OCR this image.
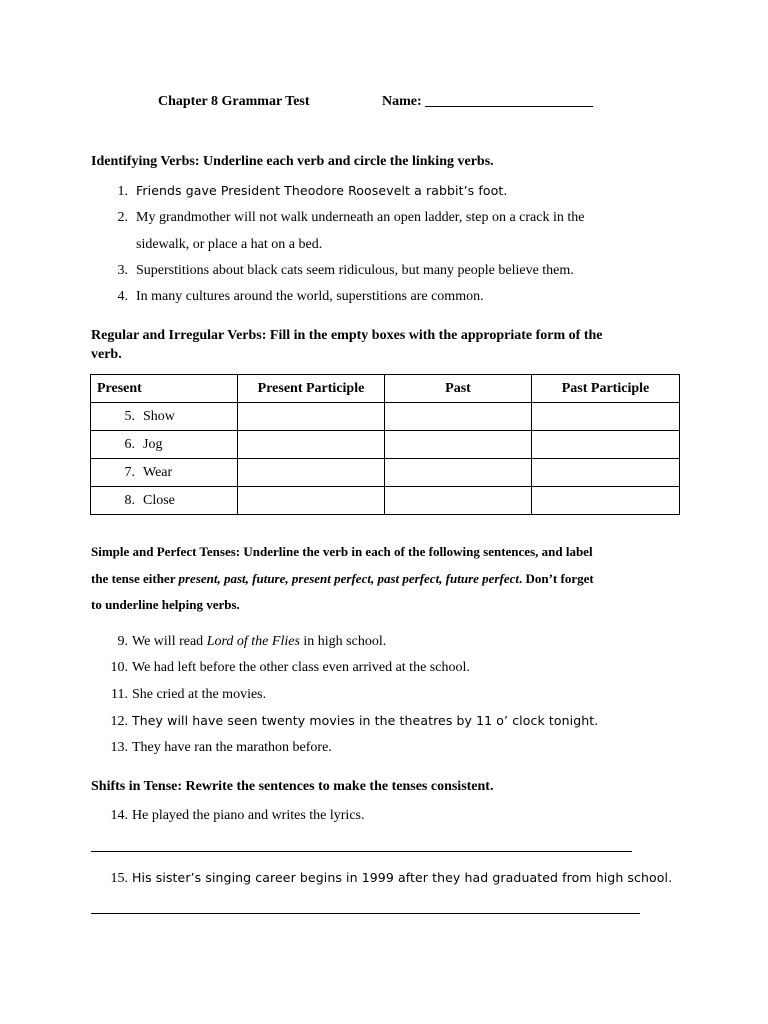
Chapter 8 Grammar Test	Name: ________________________
Identifying Verbs: Underline each verb and circle the linking verbs.
1. Friends gave President Theodore Roosevelt a rabbit’s foot.
2. My grandmother will not walk underneath an open ladder, step on a crack in the
sidewalk, or place a hat on a bed.
3. Superstitions about black cats seem ridiculous, but many people believe them.
4. In many cultures around the world, superstitions are common.
Regular and Irregular Verbs: Fill in the empty boxes with the appropriate form of the
verb.
Present	Present Participle	Past	Past Participle
5. Show			
6. Jog			
7. Wear			
8. Close			
Simple and Perfect Tenses: Underline the verb in each of the following sentences, and label
the tense either present, past, future, present perfect, past perfect, future perfect. Don’t forget
to underline helping verbs.
9. We will read Lord of the Flies in high school.
10. We had left before the other class even arrived at the school.
11. She cried at the movies.
12. They will have seen twenty movies in the theatres by 11 o’ clock tonight.
13. They have ran the marathon before.
Shifts in Tense: Rewrite the sentences to make the tenses consistent.
14. He played the piano and writes the lyrics.
15. His sister’s singing career begins in 1999 after they had graduated from high school.
